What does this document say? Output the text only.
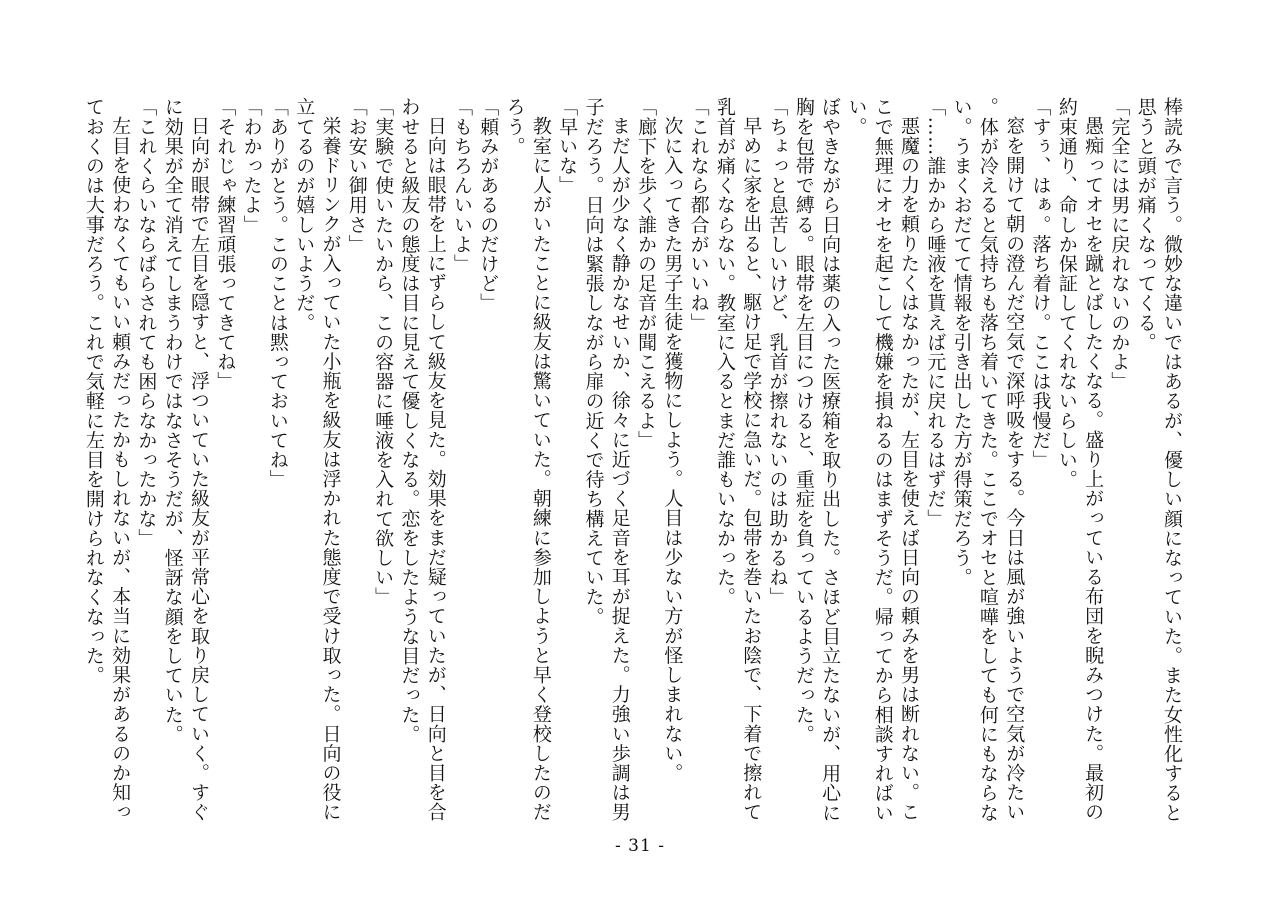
棒読みで言う。微妙な違いではあるが、優しい顔になっていた。また女性化すると思うと頭が痛くなってくる。

「完全には男に戻れないのかよ」

愚痴ってオセを蹴とばしたくなる。盛り上がっている布団を睨みつけた。最初の約束通り、命しか保証してくれないらしい。

「すぅ、はぁ。落ち着け。ここは我慢だ」

窓を開けて朝の澄んだ空気で深呼吸をする。今日は風が強いようで空気が冷たい。体が冷えると気持ちも落ち着いてきた。ここでオセと喧嘩をしても何にもならない。うまくおだてて情報を引き出した方が得策だろう。

「……誰かから唾液を貰えば元に戻れるはずだ」

悪魔の力を頼りたくはなかったが、左目を使えば日向の頼みを男は断れない。ここで無理にオセを起こして機嫌を損ねるのはまずそうだ。帰ってから相談すればいい。

ぼやきながら日向は薬の入った医療箱を取り出した。さほど目立たないが、用心に胸を包帯で縛る。眼帯を左目につけると、重症を負っているようだった。

「ちょっと息苦しいけど、乳首が擦れないのは助かるね」

早めに家を出ると、駆け足で学校に急いだ。包帯を巻いたお陰で、下着で擦れて乳首が痛くならない。教室に入るとまだ誰もいなかった。

「これなら都合がいいね」

次に入ってきた男子生徒を獲物にしよう。人目は少ない方が怪しまれない。

「廊下を歩く誰かの足音が聞こえるよ」

まだ人が少なく静かなせいか、徐々に近づく足音を耳が捉えた。力強い歩調は男子だろう。日向は緊張しながら扉の近くで待ち構えていた。

「早いな」

教室に人がいたことに級友は驚いていた。朝練に参加しようと早く登校したのだろう。

「頼みがあるのだけど」

「もちろんいいよ」

日向は眼帯を上にずらして級友を見た。効果をまだ疑っていたが、日向と目を合わせると級友の態度は目に見えて優しくなる。恋をしたような目だった。

「実験で使いたいから、この容器に唾液を入れて欲しい」

「お安い御用さ」

栄養ドリンクが入っていた小瓶を級友は浮かれた態度で受け取った。日向の役に立てるのが嬉しいようだ。

「ありがとう。このことは黙っておいてね」

「わかったよ」

「それじゃ練習頑張ってきてね」

日向が眼帯で左目を隠すと、浮ついていた級友が平常心を取り戻していく。すぐに効果が全て消えてしまうわけではなさそうだが、怪訝な顔をしていた。

「これくらいならばらされても困らなかったかな」

左目を使わなくてもいい頼みだったかもしれないが、本当に効果があるのか知っておくのは大事だろう。これで気軽に左目を開けられなくなった。

- 31 -
